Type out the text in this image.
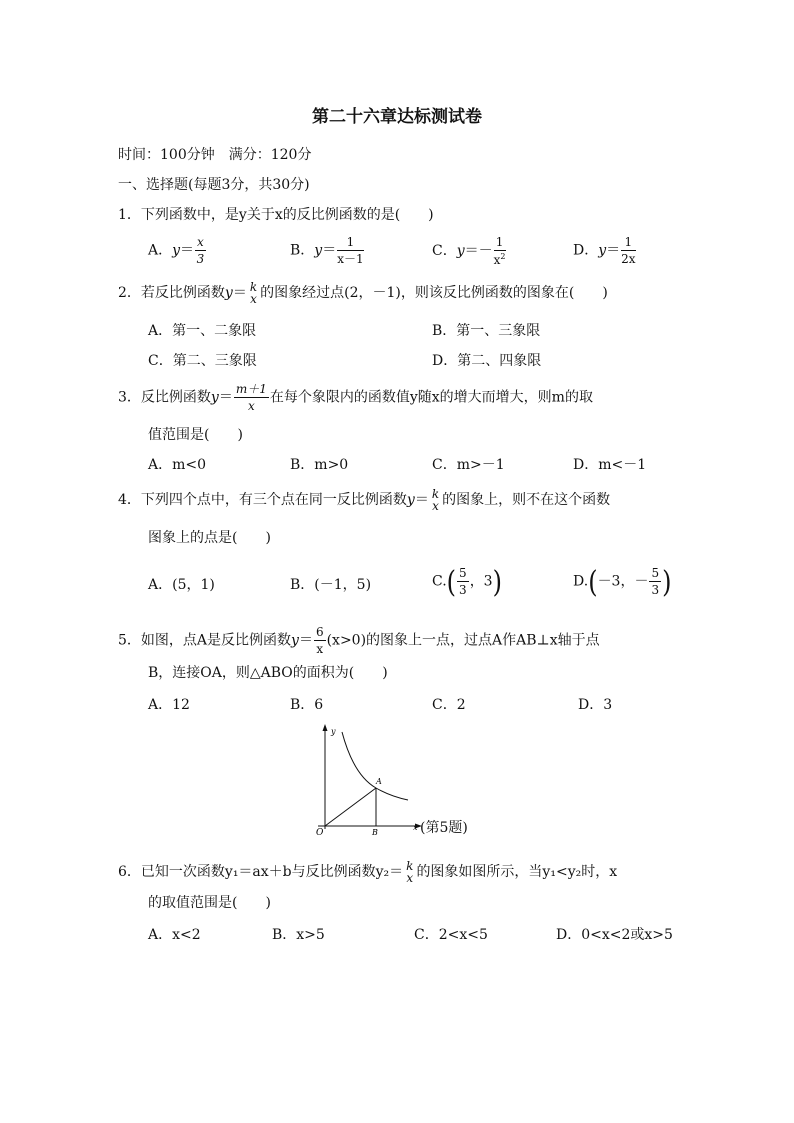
第二十六章达标测试卷
时间：100分钟　满分：120分
一、选择题(每题3分，共30分)
1．下列函数中，是y关于x的反比例函数的是(　　)
A．$y= \frac{x}{3}$	B．$y= \frac{1}{x-1}$	C．$y=- \frac{1}{x^2}$	D．$y= \frac{1}{2x}$
2．若反比例函数y＝ k
x 的图象经过点(2，－1)，则该反比例函数的图象在(　　)
A．第一、二象限	B．第一、三象限
C．第二、三象限	D．第二、四象限
3．反比例函数$y= \frac{m+1}{x}$ 在每个象限内的函数值y随x的增大而增大，则m的取
值范围是(　　)
A．m<0	B．m>0	C．m>－1	D．m<－1
4．下列四个点中，有三个点在同一反比例函数y＝ k
x 的图象上，则不在这个函数
图象上的点是(　　)
A．(5，1)	B．(－1，5)	$C.( \frac{5}{3}$ ，3)	D.(－3，－ $\frac{5}{3}$ )
5．如图，点A是反比例函数$y= \frac{6}{x} (x>0)$的图象上一点，过点A作AB⊥x轴于点
B，连接OA，则△ABO的面积为(　　)
A．12	B．6	C．2	D．3
y
A
O	B
x (第5题)
6．已知一次函数y₁＝ax＋b与反比例函数y₂＝ k
x 的图象如图所示，当y₁<y₂时，x
的取值范围是(　　)
A．x<2	B．x>5	C．2<x<5	D．0<x<2或x>5
